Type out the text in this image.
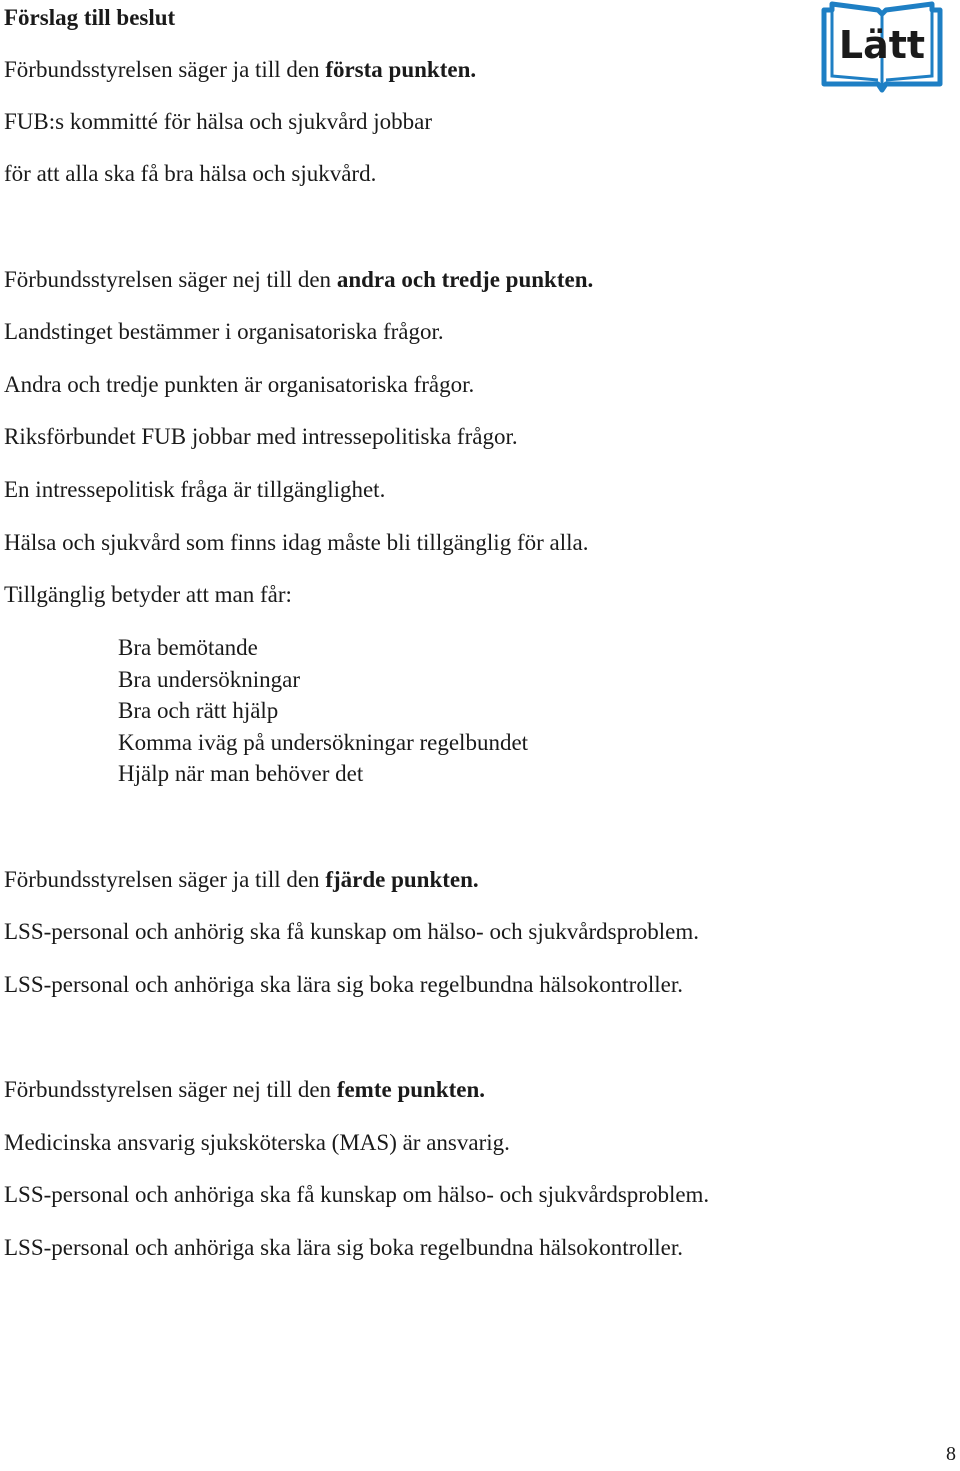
Förslag till beslut
Lätt
Förbundsstyrelsen säger ja till den första punkten.
FUB:s kommitté för hälsa och sjukvård jobbar
för att alla ska få bra hälsa och sjukvård.
Förbundsstyrelsen säger nej till den andra och tredje punkten.
Landstinget bestämmer i organisatoriska frågor.
Andra och tredje punkten är organisatoriska frågor.
Riksförbundet FUB jobbar med intressepolitiska frågor.
En intressepolitisk fråga är tillgänglighet.
Hälsa och sjukvård som finns idag måste bli tillgänglig för alla.
Tillgänglig betyder att man får:
Bra bemötande
Bra undersökningar
Bra och rätt hjälp
Komma iväg på undersökningar regelbundet
Hjälp när man behöver det
Förbundsstyrelsen säger ja till den fjärde punkten.
LSS-personal och anhörig ska få kunskap om hälso- och sjukvårdsproblem.
LSS-personal och anhöriga ska lära sig boka regelbundna hälsokontroller.
Förbundsstyrelsen säger nej till den femte punkten.
Medicinska ansvarig sjuksköterska (MAS) är ansvarig.
LSS-personal och anhöriga ska få kunskap om hälso- och sjukvårdsproblem.
LSS-personal och anhöriga ska lära sig boka regelbundna hälsokontroller.
8
